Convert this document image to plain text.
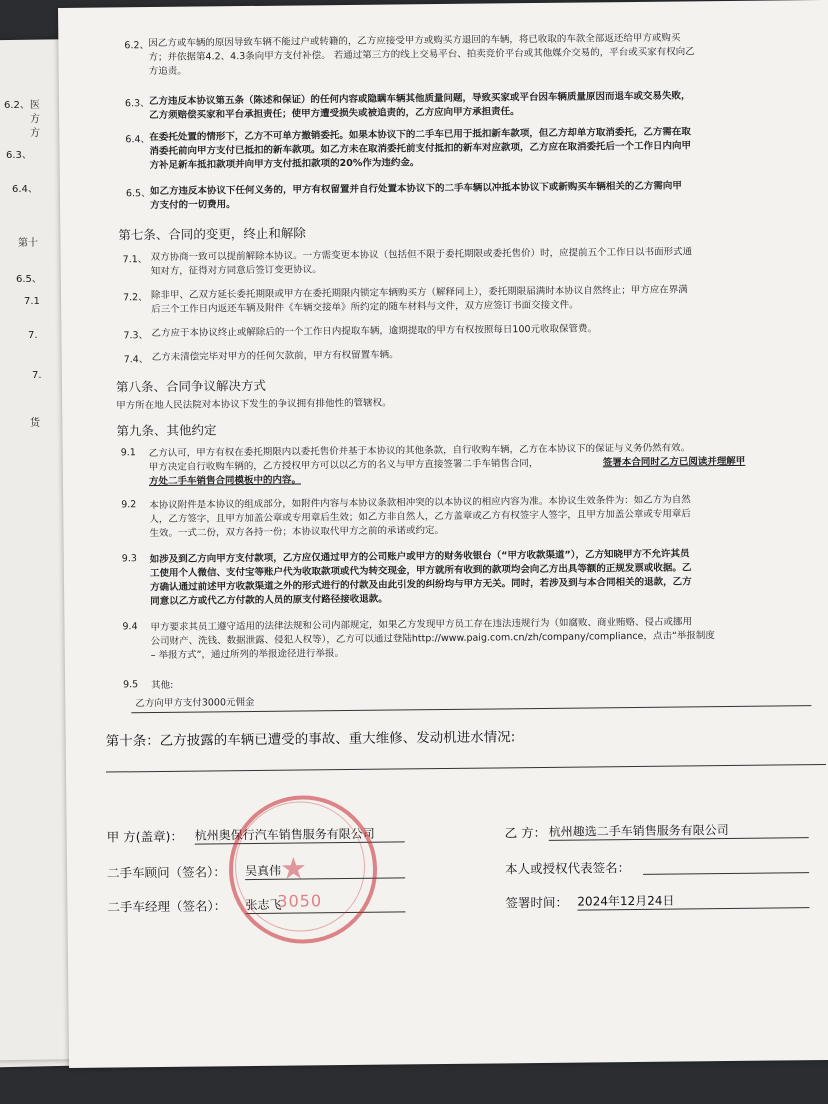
6.2、医
方
方
6.3、
6.4、
6.5、
第十
7.1
7.
7.
货
6.2、 因乙方或车辆的原因导致车辆不能过户或转籍的，乙方应接受甲方或购买方退回的车辆，将已收取的车款全部返还给甲方或购买
方；并依据第4.2、4.3条向甲方支付补偿。 若通过第三方的线上交易平台、拍卖竞价平台或其他媒介交易的，平台或买家有权向乙
方追责。
6.3、 乙方违反本协议第五条（陈述和保证）的任何内容或隐瞒车辆其他质量问题，导致买家或平台因车辆质量原因而退车或交易失败，
乙方须赔偿买家和平台承担责任；使甲方遭受损失或被追责的，乙方应向甲方承担责任。
6.4、 在委托处置的情形下，乙方不可单方撤销委托。如果本协议下的二手车已用于抵扣新车款项，但乙方却单方取消委托，乙方需在取
消委托前向甲方支付已抵扣的新车款项。如乙方未在取消委托前支付抵扣的新车对应款项，乙方应在取消委托后一个工作日内向甲
方补足新车抵扣款项并向甲方支付抵扣款项的20%作为违约金。
6.5、 如乙方违反本协议下任何义务的，甲方有权留置并自行处置本协议下的二手车辆以冲抵本协议下或新购买车辆相关的乙方需向甲
方支付的一切费用。
第七条、合同的变更，终止和解除
7.1、 双方协商一致可以提前解除本协议。一方需变更本协议（包括但不限于委托期限或委托售价）时，应提前五个工作日以书面形式通
知对方，征得对方同意后签订变更协议。
7.2、 除非甲、乙双方延长委托期限或甲方在委托期限内锁定车辆购买方（解释同上），委托期限届满时本协议自然终止；甲方应在界满
后三个工作日内返还车辆及附件《车辆交接单》所约定的随车材料与文件，双方应签订书面交接文件。
7.3、 乙方应于本协议终止或解除后的一个工作日内提取车辆，逾期提取的甲方有权按照每日100元收取保管费。
7.4、 乙方未清偿完毕对甲方的任何欠款前，甲方有权留置车辆。
第八条、合同争议解决方式
甲方所在地人民法院对本协议下发生的争议拥有排他性的管辖权。
第九条、其他约定
9.1 乙方认可，甲方有权在委托期限内以委托售价并基于本协议的其他条款，自行收购车辆，乙方在本协议下的保证与义务仍然有效。
甲方决定自行收购车辆的，乙方授权甲方可以以乙方的名义与甲方直接签署二手车销售合同，	签署本合同时乙方已阅读并理解甲
方处二手车销售合同模板中的内容。
9.2 本协议附件是本协议的组成部分，如附件内容与本协议条款相冲突的以本协议的相应内容为准。本协议生效条件为：如乙方为自然
人，乙方签字，且甲方加盖公章或专用章后生效；如乙方非自然人，乙方盖章或乙方有权签字人签字，且甲方加盖公章或专用章后
生效。一式二份，双方各持一份；本协议取代甲方之前的承诺或约定。
9.3 如涉及到乙方向甲方支付款项，乙方应仅通过甲方的公司账户或甲方的财务收银台（“甲方收款渠道”），乙方知晓甲方不允许其员
工使用个人微信、支付宝等账户代为收取款项或代为转交现金，甲方就所有收到的款项均会向乙方出具等额的正规发票或收据。乙
方确认通过前述甲方收款渠道之外的形式进行的付款及由此引发的纠纷均与甲方无关。同时，若涉及到与本合同相关的退款，乙方
同意以乙方或代乙方付款的人员的原支付路径接收退款。
9.4 甲方要求其员工遵守适用的法律法规和公司内部规定，如果乙方发现甲方员工存在违法违规行为（如腐败、商业贿赂、侵占或挪用
公司财产、洗钱、数据泄露、侵犯人权等），乙方可以通过登陆http://www.paig.com.cn/zh/company/compliance，点击“举报制度
– 举报方式”，通过所列的举报途径进行举报。
9.5 其他:
乙方向甲方支付3000元佣金
第十条：乙方披露的车辆已遭受的事故、重大维修、发动机进水情况:
甲 方(盖章)： 杭州奥保行汽车销售服务有限公司
二手车顾问（签名）： 吴真伟
二手车经理（签名）： 张志飞
乙 方： 杭州趣选二手车销售服务有限公司
本人或授权代表签名：
签署时间： 2024年12月24日
★
3050
